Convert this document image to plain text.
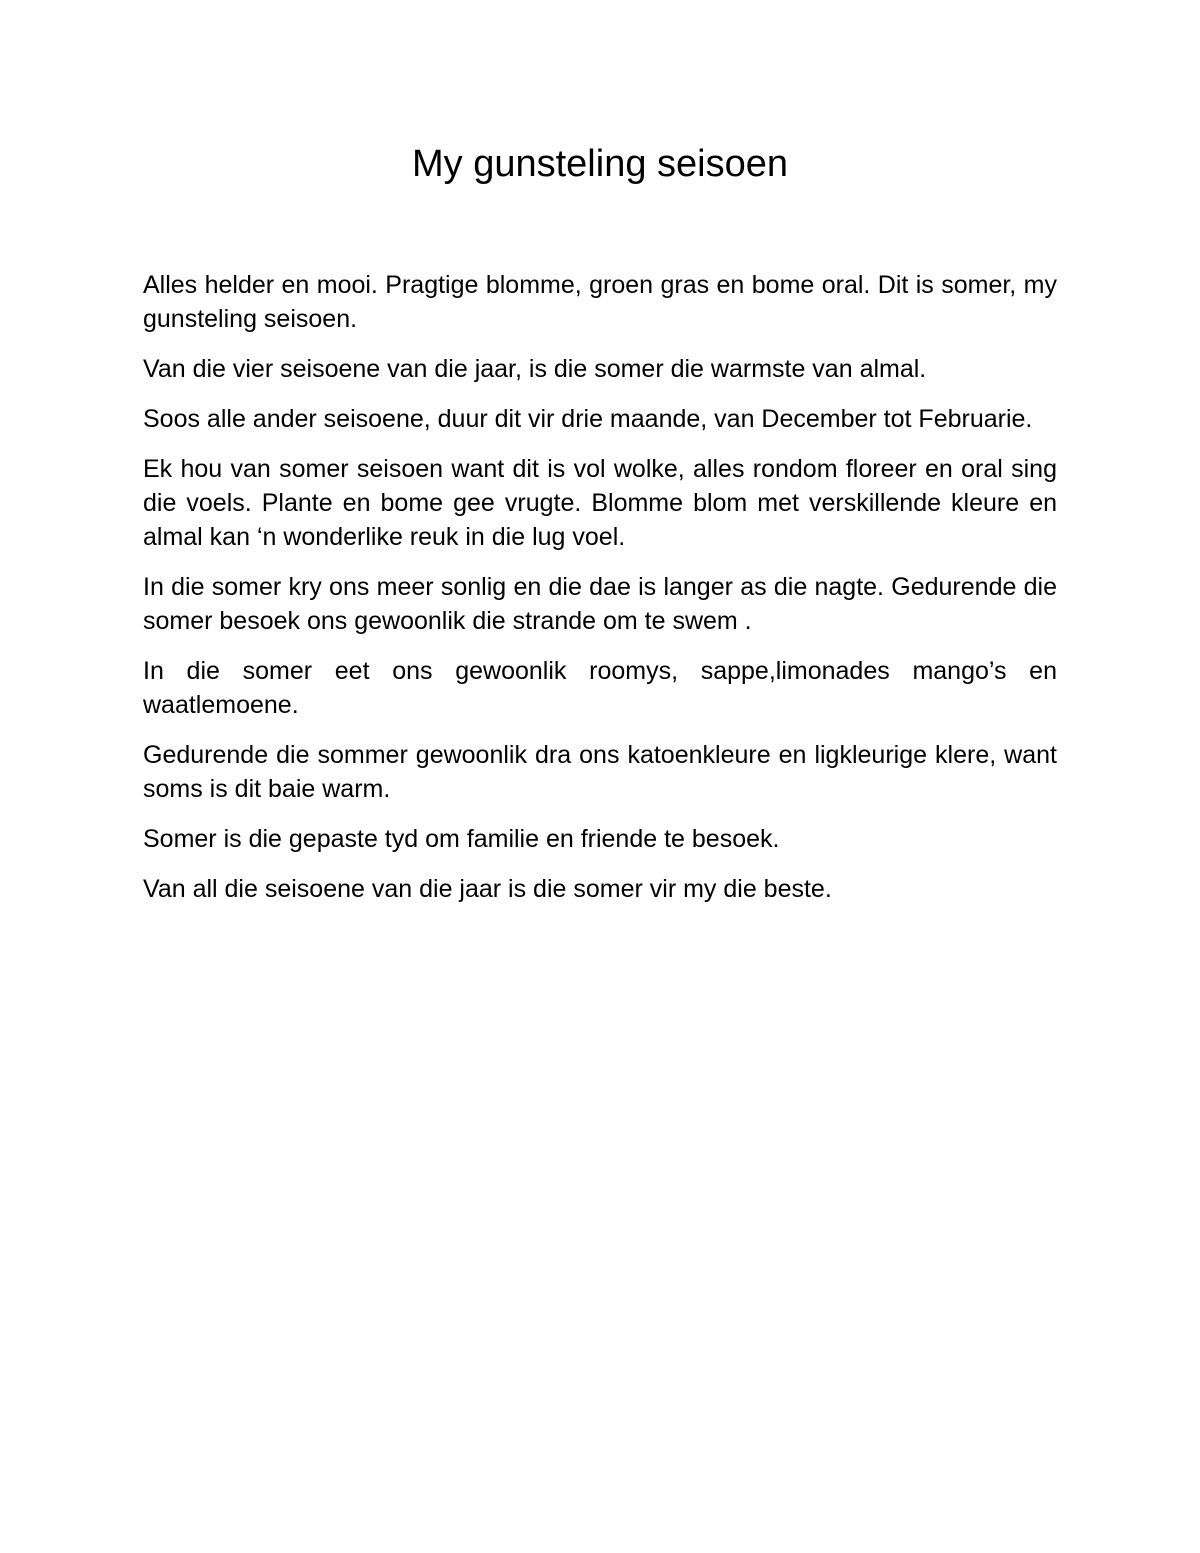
My gunsteling seisoen

Alles helder en mooi. Pragtige blomme, groen gras en bome oral. Dit is somer, my gunsteling seisoen.

Van die vier seisoene van die jaar, is die somer die warmste van almal.

Soos alle ander seisoene, duur dit vir drie maande, van December tot Februarie.

Ek hou van somer seisoen want dit is vol wolke, alles rondom floreer en oral sing die voels. Plante en bome gee vrugte. Blomme blom met verskillende kleure en almal kan ‘n wonderlike reuk in die lug voel.

In die somer kry ons meer sonlig en die dae is langer as die nagte. Gedurende die somer besoek ons gewoonlik die strande om te swem .

In die somer eet ons gewoonlik roomys, sappe,limonades mango’s en waatlemoene.

Gedurende die sommer gewoonlik dra ons katoenkleure en ligkleurige klere, want soms is dit baie warm.

Somer is die gepaste tyd om familie en friende te besoek.

Van all die seisoene van die jaar is die somer vir my die beste.
